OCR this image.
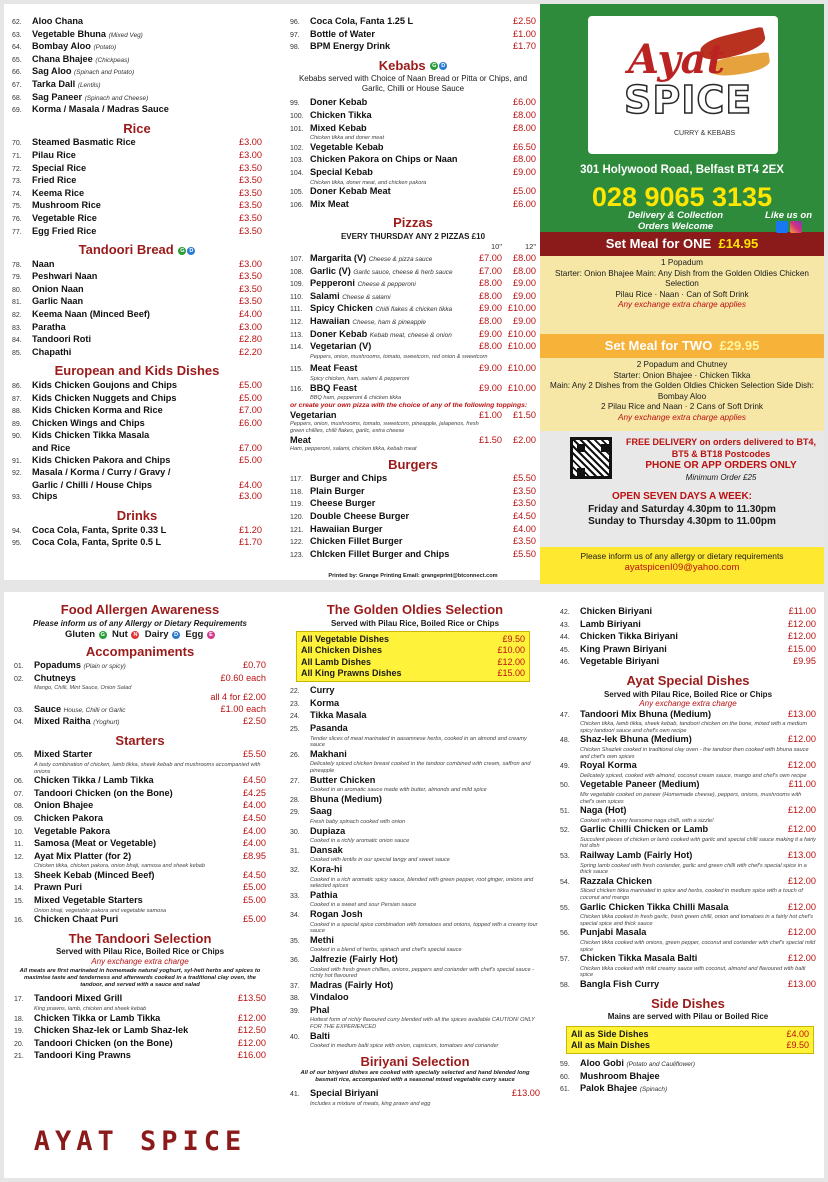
62.	Aloo Chana
63.	Vegetable Bhuna (Mixed Veg)
64.	Bombay Aloo (Potato)
65.	Chana Bhajee (Chickpeas)
66.	Sag Aloo (Spinach and Potato)
67.	Tarka Dall (Lentils)
68.	Sag Paneer (Spinach and Cheese)
69.	Korma / Masala / Madras Sauce
Rice
70.	Steamed Basmatic Rice	£3.00
71.	Pilau Rice	£3.00
72.	Special Rice	£3.50
73.	Fried Rice	£3.50
74.	Keema Rice	£3.50
75.	Mushroom Rice	£3.50
76.	Vegetable Rice	£3.50
77.	Egg Fried Rice	£3.50
Tandoori Bread G D
78.	Naan	£3.00
79.	Peshwari Naan	£3.50
80.	Onion Naan	£3.50
81.	Garlic Naan	£3.50
82.	Keema Naan (Minced Beef)	£4.00
83.	Paratha	£3.00
84.	Tandoori Roti	£2.80
85.	Chapathi	£2.20
European and Kids Dishes
86.	Kids Chicken Goujons and Chips	£5.00
87.	Kids Chicken Nuggets and Chips	£5.00
88.	Kids Chicken Korma and Rice	£7.00
89.	Chicken Wings and Chips	£6.00
90.	Kids Chicken Tikka Masala
and Rice	£7.00
91.	Kids Chicken Pakora and Chips	£5.00
92.	Masala / Korma / Curry / Gravy /
Garlic / Chilli / House Chips	£4.00
93.	Chips	£3.00
Drinks
94.	Coca Cola, Fanta, Sprite 0.33 L	£1.20
95.	Coca Cola, Fanta, Sprite 0.5 L	£1.70
96.	Coca Cola, Fanta 1.25 L	£2.50
97.	Bottle of Water	£1.00
98.	BPM Energy Drink	£1.70
Kebabs G D
Kebabs served with Choice of Naan Bread or Pitta or Chips, and Garlic, Chilli or House Sauce
99.	Doner Kebab	£6.00
100. Chicken Tikka	£8.00
101. Mixed Kebab	£8.00
Chicken tikka and doner meat
102. Vegetable Kebab	£6.50
103. Chicken Pakora on Chips or Naan	£8.00
104. Special Kebab	£9.00
Chicken tikka, doner meat, and chicken pakora
105. Doner Kebab Meat	£5.00
106. Mix Meat	£6.00
Pizzas
EVERY THURSDAY ANY 2 PIZZAS £10
10"	12"
107. Margarita (V) Cheese & pizza sauce	£7.00	£8.00
108. Garlic (V) Garlic sauce, cheese & herb sauce	£7.00	£8.00
109. Pepperoni Cheese & pepperoni	£8.00	£9.00
110. Salami Cheese & salami	£8.00	£9.00
111. Spicy Chicken Chilli flakes & chicken tikka	£9.00 £10.00
112. Hawaiian Cheese, ham & pineapple	£8.00	£9.00
113. Doner Kebab Kebab meat, cheese & onion	£9.00 £10.00
114. Vegetarian (V)	£8.00 £10.00
Peppers, onion, mushrooms, tomato, sweetcorn, red onion & sweetcorn
115. Meat Feast	£9.00 £10.00
Spicy chicken, ham, salami & pepperoni
116. BBQ Feast	£9.00 £10.00
BBQ ham, pepperoni & chicken tikka
or create your own pizza with the choice of any of the following toppings:
Vegetarian	£1.00	£1.50
Peppers, onion, mushrooms, tomato, sweetcorn, pineapple, jalapenos, fresh green chillies, chilli flakes, garlic, extra cheese
Meat	£1.50	£2.00
Ham, pepperoni, salami, chicken tikka, kebab meat
Burgers
117. Burger and Chips	£5.50
118. Plain Burger	£3.50
119. Cheese Burger	£3.50
120. Double Cheese Burger	£4.50
121. Hawaiian Burger	£4.00
122. Chicken Fillet Burger	£3.50
123. ChIcken Fillet Burger and Chips	£5.50
Printed by: Grange Printing Email: grangeprint@btconnect.com
Ayat
SPICE
CURRY & KEBABS
301 Holywood Road, Belfast BT4 2EX
028 9065 3135
Delivery & Collection
Orders Welcome
Like us on
Set Meal for ONE £14.95
1 Popadum
Starter: Onion Bhajee Main: Any Dish from the Golden Oldies Chicken Selection
Pilau Rice · Naan · Can of Soft Drink
Any exchange extra charge applies
Set Meal for TWO £29.95
2 Popadum and Chutney
Starter: Onion Bhajee · Chicken Tikka
Main: Any 2 Dishes from the Golden Oldies Chicken Selection Side Dish: Bombay Aloo
2 Pilau Rice and Naan · 2 Cans of Soft Drink
Any exchange extra charge applies
FREE DELIVERY on orders delivered to BT4, BT5 & BT18 Postcodes
PHONE OR APP ORDERS ONLY
Minimum Order £25
OPEN SEVEN DAYS A WEEK:
Friday and Saturday 4.30pm to 11.30pm
Sunday to Thursday 4.30pm to 11.00pm
Please inform us of any allergy or dietary requirements
ayatspicenI09@yahoo.com
Food Allergen Awareness
Please inform us of any Allergy or Dietary Requirements
Gluten G Nut N Dairy D Egg E
Accompaniments
01.	Popadums (Plain or spicy)	£0.70
02.	Chutneys	£0.60 each
Mango, Chilli, Mint Sauce, Onion Salad
all 4 for £2.00
03.	Sauce House, Chilli or Garlic	£1.00 each
04.	Mixed Raitha (Yoghurt)	£2.50
Starters
05.	Mixed Starter	£5.50
A tasty combination of chicken, lamb tikka, sheek kebab and mushrooms accompanied with onions
06.	Chicken Tikka / Lamb Tikka	£4.50
07.	Tandoori Chicken (on the Bone)	£4.25
08.	Onion Bhajee	£4.00
09.	Chicken Pakora	£4.50
10.	Vegetable Pakora	£4.00
11.	Samosa (Meat or Vegetable)	£4.00
12.	Ayat Mix Platter (for 2)	£8.95
Chicken tikka, chicken pakora, onion bhaji, samosa and sheek kebab
13.	Sheek Kebab (Minced Beef)	£4.50
14.	Prawn Puri	£5.00
15.	Mixed Vegetable Starters	£5.00
Onion bhaji, vegetable pakora and vegetable samosa
16.	Chicken Chaat Puri	£5.00
The Tandoori Selection
Served with Pilau Rice, Boiled Rice or Chips
Any exchange extra charge
All meats are first marinated in homemade natural yoghurt, syl-heti herbs and spices to maximise taste and tenderness and afterwards cooked in a traditional clay oven, the tandoor, and served with a sauce and salad
17.	Tandoori Mixed Grill	£13.50
King prawns, lamb, chicken and sheek kebab
18.	Chicken Tikka or Lamb Tikka	£12.00
19.	Chicken Shaz-lek or Lamb Shaz-lek	£12.50
20.	Tandoori Chicken (on the Bone)	£12.00
21.	Tandoori King Prawns	£16.00
AYAT SPICE
The Golden Oldies Selection
Served with Pilau Rice, Boiled Rice or Chips
All Vegetable Dishes	£9.50
All Chicken Dishes	£10.00
All Lamb Dishes	£12.00
All King Prawns Dishes	£15.00
22.	Curry
23.	Korma
24.	Tikka Masala
25.	Pasanda
Tender slices of meat marinated in aasamnese herbs, cooked in an almond and creamy sauce
26.	Makhani
Delicately spiced chicken breast cooked in the tandoor combined with cream, saffron and pineapple
27.	Butter Chicken
Cooked in an aromatic sauce made with butter, almonds and mild spice
28.	Bhuna (Medium)
29.	Saag
Fresh baby spinach cooked with onion
30.	Dupiaza
Cooked in a richly aromatic onion sauce
31.	Dansak
Cooked with lentils in our special tangy and sweet sauce
32.	Kora-hi
Cooked in a rich aromatic spicy sauce, blended with green pepper, root ginger, onions and selected spices
33.	Pathia
Cooked in a sweet and sour Persian sauce
34.	Rogan Josh
Cooked in a special spice combination with tomatoes and onions, topped with a creamy tour sauce
35.	Methi
Cooked in a blend of herbs, spinach and chef's special sauce
36.	Jalfrezie (Fairly Hot)
Cooked with fresh green chillies, onions, peppers and coriander with chef's special sauce - richly hot flavoured
37.	Madras (Fairly Hot)
38.	Vindaloo
39.	Phal
Hottest form of richly flavoured curry blended with all the spices available CAUTION! ONLY FOR THE EXPERIENCED
40.	Balti
Cooked in medium balti spice with onion, capsicum, tomatoes and coriander
Biriyani Selection
All of our biriyani dishes are cooked with specially selected and hand blended long basmati rice, accompanied with a seasonal mixed vegetable curry sauce
41.	Special Biriyani	£13.00
Includes a mixture of meats, king prawn and egg
42.	Chicken Biriyani	£11.00
43.	Lamb Biriyani	£12.00
44.	Chicken Tikka Biriyani	£12.00
45.	King Prawn Biriyani	£15.00
46.	Vegetable Biriyani	£9.95
Ayat Special Dishes
Served with Pilau Rice, Boiled Rice or Chips
Any exchange extra charge
47.	Tandoori Mix Bhuna (Medium)	£13.00
Chicken tikka, lamb tikka, sheek kebab, tandoori chicken on the bone, mixed with a medium spicy tandoori sauce and chef's own recipe
48.	Shaz-lek Bhuna (Medium)	£12.00
Chicken Shazlek cooked in traditional clay oven - the tandoor then cooked with bhuna sauce and chef's own spices
49.	Royal Korma	£12.00
Delicately spiced, cooked with almond, coconut cream sauce, mango and chef's own recipe
50.	Vegetable Paneer (Medium)	£11.00
Mix vegetable cooked on paneer (Homemade cheese), peppers, onions, mushrooms with chef's own spices
51.	Naga (Hot)	£12.00
Cooked with a very fearsome naga chilli, with a sizzle!
52.	Garlic Chilli Chicken or Lamb	£12.00
Succulent pieces of chicken or lamb cooked with garlic and special chilli sauce making it a fairly hot dish
53.	Railway Lamb (Fairly Hot)	£13.00
Spring lamb cooked with fresh coriander, garlic and green chilli with chef's special spice in a thick sauce
54.	Razzala Chicken	£12.00
Sliced chicken tikka marinated in spice and herbs, cooked in medium spice with a touch of coconut and mango
55.	Garlic Chicken Tikka Chilli Masala	£12.00
Chicken tikka cooked in fresh garlic, fresh green chilli, onion and tomatoes in a fairly hot chef's special spice and thick sauce
56.	Punjabi Masala	£12.00
Chicken tikka cooked with onions, green pepper, coconut and coriander with chef's special mild spice
57.	Chicken Tikka Masala Balti	£12.00
Chicken tikka cooked with mild creamy sauce with coconut, almond and flavoured with balti spice
58.	Bangla Fish Curry	£13.00
Side Dishes
Mains are served with Pilau or Boiled Rice
All as Side Dishes	£4.00
All as Main Dishes	£9.50
59.	Aloo Gobi (Potato and Cauliflower)
60.	Mushroom Bhajee
61.	Palok Bhajee (Spinach)
